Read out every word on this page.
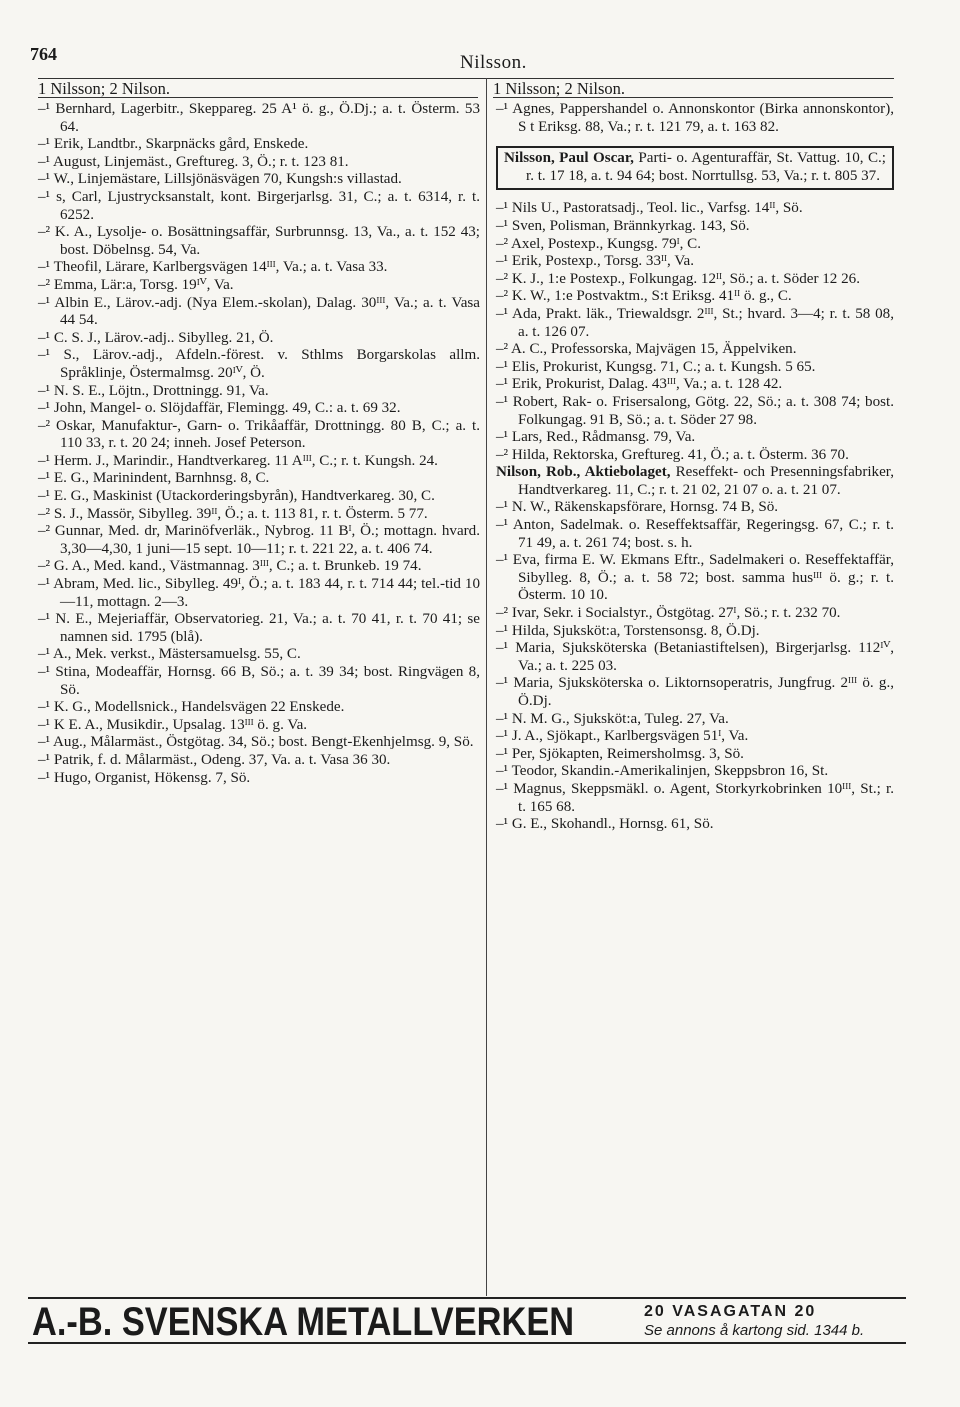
764	Nilsson.
1 Nilsson; 2 Nilson.	1 Nilsson; 2 Nilson.

–¹ Bernhard, Lagerbitr., Skeppareg. 25 A¹ ö. g., Ö.Dj.; a. t. Österm. 53 64.

–¹ Erik, Landtbr., Skarpnäcks gård, Enskede.

–¹ August, Linjemäst., Greftureg. 3, Ö.; r. t. 123 81.

–¹ W., Linjemästare, Lillsjönäsvägen 70, Kungsh:s villastad.

–¹ s, Carl, Ljustrycksanstalt, kont. Birgerjarlsg. 31, C.; a. t. 6314, r. t. 6252.

–² K. A., Lysolje- o. Bosättningsaffär, Surbrunnsg. 13, Va., a. t. 152 43; bost. Döbelnsg. 54, Va.

–¹ Theofil, Lärare, Karlbergsvägen 14ᴵᴵᴵ, Va.; a. t. Vasa 33.

–² Emma, Lär:a, Torsg. 19ᴵⱽ, Va.

–¹ Albin E., Lärov.-adj. (Nya Elem.-skolan), Dalag. 30ᴵᴵᴵ, Va.; a. t. Vasa 44 54.

–¹ C. S. J., Lärov.-adj.. Sibylleg. 21, Ö.

–¹ S., Lärov.-adj., Afdeln.-förest. v. Sthlms Borgarskolas allm. Språklinje, Östermalmsg. 20ᴵⱽ, Ö.

–¹ N. S. E., Löjtn., Drottningg. 91, Va.

–¹ John, Mangel- o. Slöjdaffär, Flemingg. 49, C.: a. t. 69 32.

–² Oskar, Manufaktur-, Garn- o. Trikåaffär, Drottningg. 80 B, C.; a. t. 110 33, r. t. 20 24; inneh. Josef Peterson.

–¹ Herm. J., Marindir., Handtverkareg. 11 Aᴵᴵᴵ, C.; r. t. Kungsh. 24.

–¹ E. G., Marinindent, Barnhnsg. 8, C.

–¹ E. G., Maskinist (Utackorderingsbyrån), Handtverkareg. 30, C.

–² S. J., Massör, Sibylleg. 39ᴵᴵ, Ö.; a. t. 113 81, r. t. Österm. 5 77.

–² Gunnar, Med. dr, Marinöfverläk., Nybrog. 11 Bᴵ, Ö.; mottagn. hvard. 3,30—4,30, 1 juni—15 sept. 10—11; r. t. 221 22, a. t. 406 74.

–² G. A., Med. kand., Västmannag. 3ᴵᴵᴵ, C.; a. t. Brunkeb. 19 74.

–¹ Abram, Med. lic., Sibylleg. 49ᴵ, Ö.; a. t. 183 44, r. t. 714 44; tel.-tid 10—11, mottagn. 2—3.

–¹ N. E., Mejeriaffär, Observatorieg. 21, Va.; a. t. 70 41, r. t. 70 41; se namnen sid. 1795 (blå).

–¹ A., Mek. verkst., Mästersamuelsg. 55, C.

–¹ Stina, Modeaffär, Hornsg. 66 B, Sö.; a. t. 39 34; bost. Ringvägen 8, Sö.

–¹ K. G., Modellsnick., Handelsvägen 22 Enskede.

–¹ K E. A., Musikdir., Upsalag. 13ᴵᴵᴵ ö. g. Va.

–¹ Aug., Målarmäst., Östgötag. 34, Sö.; bost. Bengt-Ekenhjelmsg. 9, Sö.

–¹ Patrik, f. d. Målarmäst., Odeng. 37, Va. a. t. Vasa 36 30.

–¹ Hugo, Organist, Hökensg. 7, Sö.

–¹ Agnes, Pappershandel o. Annonskontor (Birka annonskontor), S t Eriksg. 88, Va.; r. t. 121 79, a. t. 163 82.

Nilsson, Paul Oscar, Parti- o. Agenturaffär, St. Vattug. 10, C.; r. t. 17 18, a. t. 94 64; bost. Norrtullsg. 53, Va.; r. t. 805 37.

–¹ Nils U., Pastoratsadj., Teol. lic., Varfsg. 14ᴵᴵ, Sö.

–¹ Sven, Polisman, Brännkyrkag. 143, Sö.

–² Axel, Postexp., Kungsg. 79ᴵ, C.

–¹ Erik, Postexp., Torsg. 33ᴵᴵ, Va.

–² K. J., 1:e Postexp., Folkungag. 12ᴵᴵ, Sö.; a. t. Söder 12 26.

–² K. W., 1:e Postvaktm., S:t Eriksg. 41ᴵᴵ ö. g., C.

–¹ Ada, Prakt. läk., Triewaldsgr. 2ᴵᴵᴵ, St.; hvard. 3—4; r. t. 58 08, a. t. 126 07.

–² A. C., Professorska, Majvägen 15, Äppelviken.

–¹ Elis, Prokurist, Kungsg. 71, C.; a. t. Kungsh. 5 65.

–¹ Erik, Prokurist, Dalag. 43ᴵᴵᴵ, Va.; a. t. 128 42.

–¹ Robert, Rak- o. Frisersalong, Götg. 22, Sö.; a. t. 308 74; bost. Folkungag. 91 B, Sö.; a. t. Söder 27 98.

–¹ Lars, Red., Rådmansg. 79, Va.

–² Hilda, Rektorska, Greftureg. 41, Ö.; a. t. Österm. 36 70.

Nilson, Rob., Aktiebolaget, Reseffekt- och Presenningsfabriker, Handtverkareg. 11, C.; r. t. 21 02, 21 07 o. a. t. 21 07.

–¹ N. W., Räkenskapsförare, Hornsg. 74 B, Sö.

–¹ Anton, Sadelmak. o. Reseffektsaffär, Regeringsg. 67, C.; r. t. 71 49, a. t. 261 74; bost. s. h.

–¹ Eva, firma E. W. Ekmans Eftr., Sadelmakeri o. Reseffektaffär, Sibylleg. 8, Ö.; a. t. 58 72; bost. samma husᴵᴵᴵ ö. g.; r. t. Österm. 10 10.

–² Ivar, Sekr. i Socialstyr., Östgötag. 27ᴵ, Sö.; r. t. 232 70.

–¹ Hilda, Sjuksköt:a, Torstensonsg. 8, Ö.Dj.

–¹ Maria, Sjuksköterska (Betaniastiftelsen), Birgerjarlsg. 112ᴵⱽ, Va.; a. t. 225 03.

–¹ Maria, Sjuksköterska o. Liktornsoperatris, Jungfrug. 2ᴵᴵᴵ ö. g., Ö.Dj.

–¹ N. M. G., Sjuksköt:a, Tuleg. 27, Va.

–¹ J. A., Sjökapt., Karlbergsvägen 51ᴵ, Va.

–¹ Per, Sjökapten, Reimersholmsg. 3, Sö.

–¹ Teodor, Skandin.-Amerikalinjen, Skeppsbron 16, St.

–¹ Magnus, Skeppsmäkl. o. Agent, Storkyrkobrinken 10ᴵᴵᴵ, St.; r. t. 165 68.

–¹ G. E., Skohandl., Hornsg. 61, Sö.

A.-B. SVENSKA METALLVERKEN	20 VASAGATAN 20
Se annons å kartong sid. 1344 b.
